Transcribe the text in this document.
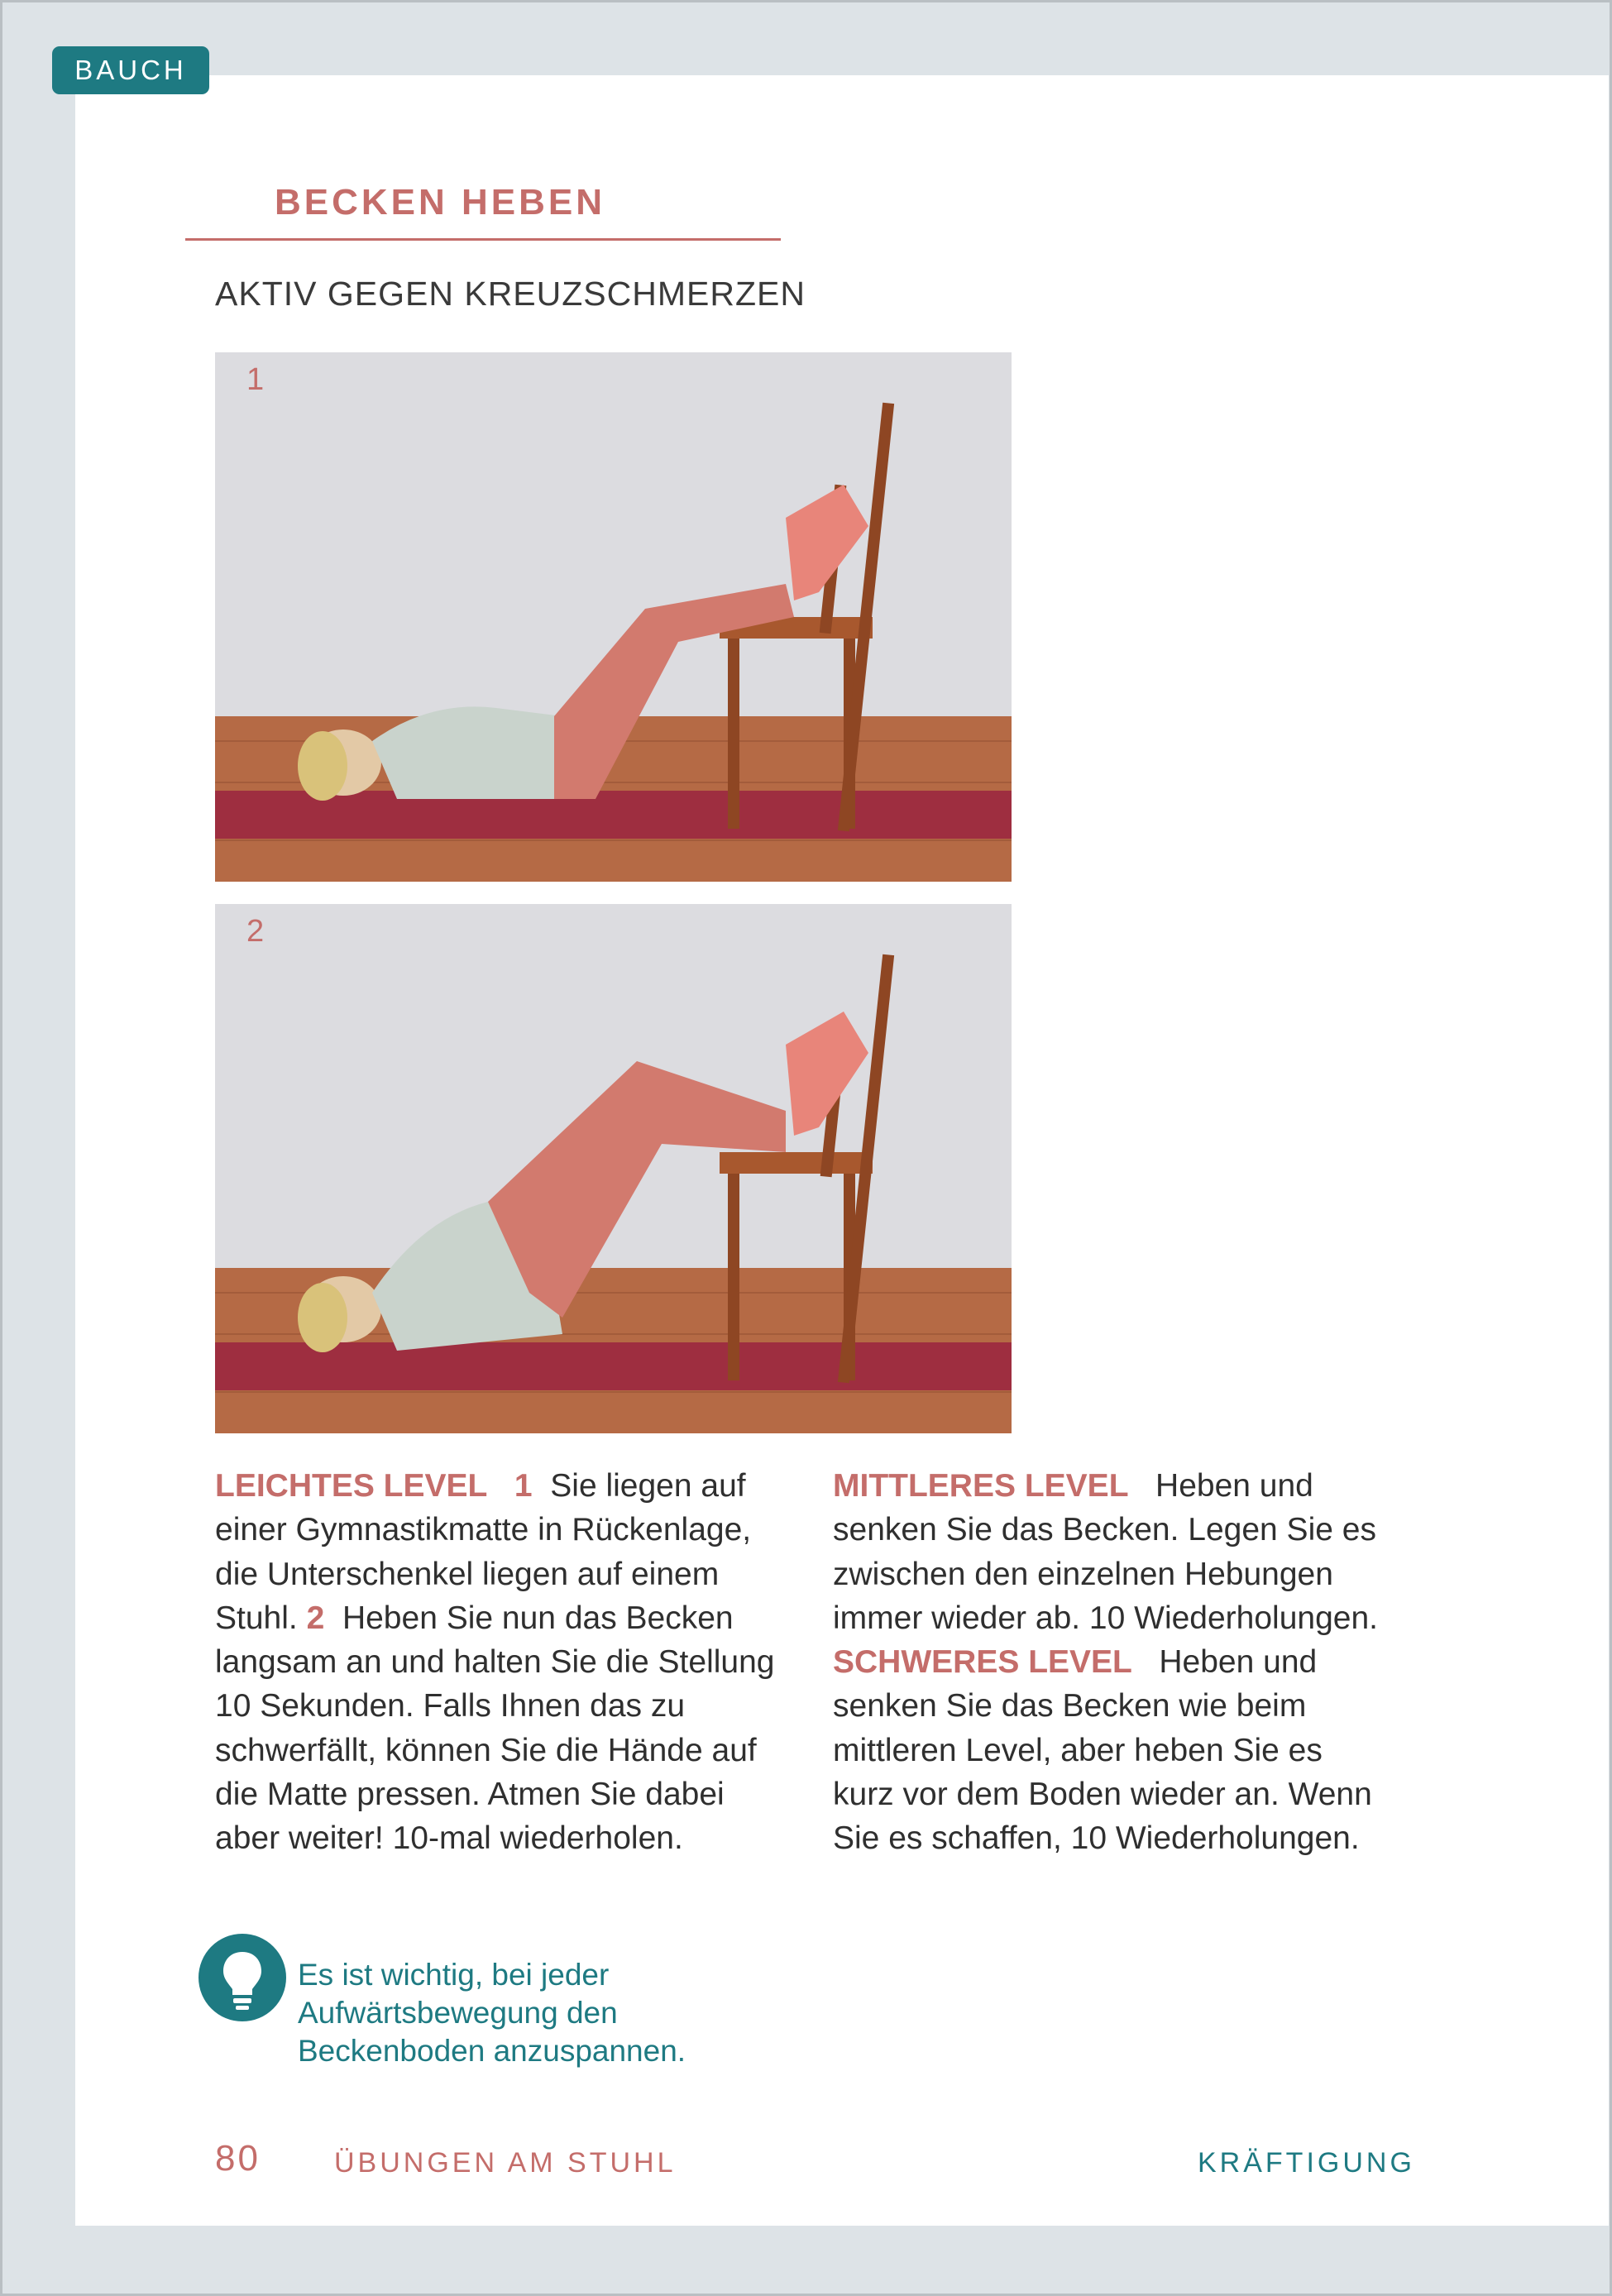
BAUCH
BECKEN HEBEN
AKTIV GEGEN KREUZSCHMERZEN
1
2

LEICHTES LEVEL 1 Sie liegen auf einer Gymnastikmatte in Rückenlage, die Unterschenkel liegen auf einem Stuhl. 2 Heben Sie nun das Becken langsam an und halten Sie die Stellung 10 Sekunden. Falls Ihnen das zu schwerfällt, können Sie die Hände auf die Matte pressen. Atmen Sie dabei aber weiter! 10-mal wiederholen.

MITTLERES LEVEL Heben und senken Sie das Becken. Legen Sie es zwischen den einzelnen Hebungen immer wieder ab. 10 Wiederholungen.

SCHWERES LEVEL Heben und senken Sie das Becken wie beim mittleren Level, aber heben Sie es kurz vor dem Boden wieder an. Wenn Sie es schaffen, 10 Wiederholungen.

Es ist wichtig, bei jeder Aufwärtsbewegung den Beckenboden anzuspannen.
80	ÜBUNGEN AM STUHL	KRÄFTIGUNG
